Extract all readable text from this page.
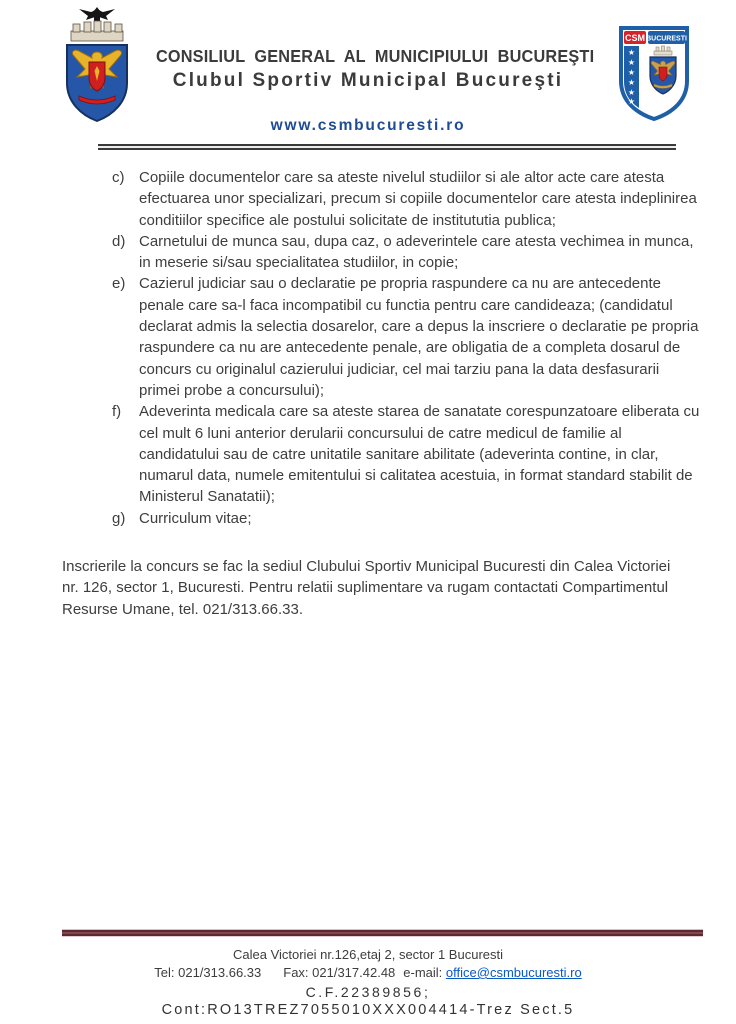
CONSILIUL GENERAL AL MUNICIPIULUI BUCUREŞTI
Clubul Sportiv Municipal Bucureşti
www.csmbucuresti.ro
CSM BUCURESTI
★
★
★
★
★
★
c) Copiile documentelor care sa ateste nivelul studiilor si ale altor acte care atesta efectuarea unor specializari, precum si copiile documentelor care atesta indeplinirea conditiilor specifice ale postului solicitate de institututia publica;
d) Carnetului de munca sau, dupa caz, o adeverintele care atesta vechimea in munca, in meserie si/sau specialitatea studiilor, in copie;
e) Cazierul judiciar sau o declaratie pe propria raspundere ca nu are antecedente penale care sa-l faca incompatibil cu functia pentru care candideaza; (candidatul declarat admis la selectia dosarelor, care a depus la inscriere o declaratie pe propria raspundere ca nu are antecedente penale, are obligatia de a completa dosarul de concurs cu originalul cazierului judiciar, cel mai tarziu pana la data desfasurarii primei probe a concursului);
f)	Adeverinta medicala care sa ateste starea de sanatate corespunzatoare eliberata cu cel mult 6 luni anterior derularii concursului de catre medicul de familie al candidatului sau de catre unitatile sanitare abilitate (adeverinta contine, in clar, numarul data, numele emitentului si calitatea acestuia, in format standard stabilit de Ministerul Sanatatii);
g) Curriculum vitae;
Inscrierile la concurs se fac la sediul Clubului Sportiv Municipal Bucuresti din Calea Victoriei nr. 126, sector 1, Bucuresti. Pentru relatii suplimentare va rugam contactati Compartimentul Resurse Umane, tel. 021/313.66.33.
Calea Victoriei nr.126,etaj 2, sector 1 Bucuresti
Tel: 021/313.66.33 Fax: 021/317.42.48 e-mail: office@csmbucuresti.ro
C.F.22389856;
Cont:RO13TREZ7055010XXX004414-Trez Sect.5
